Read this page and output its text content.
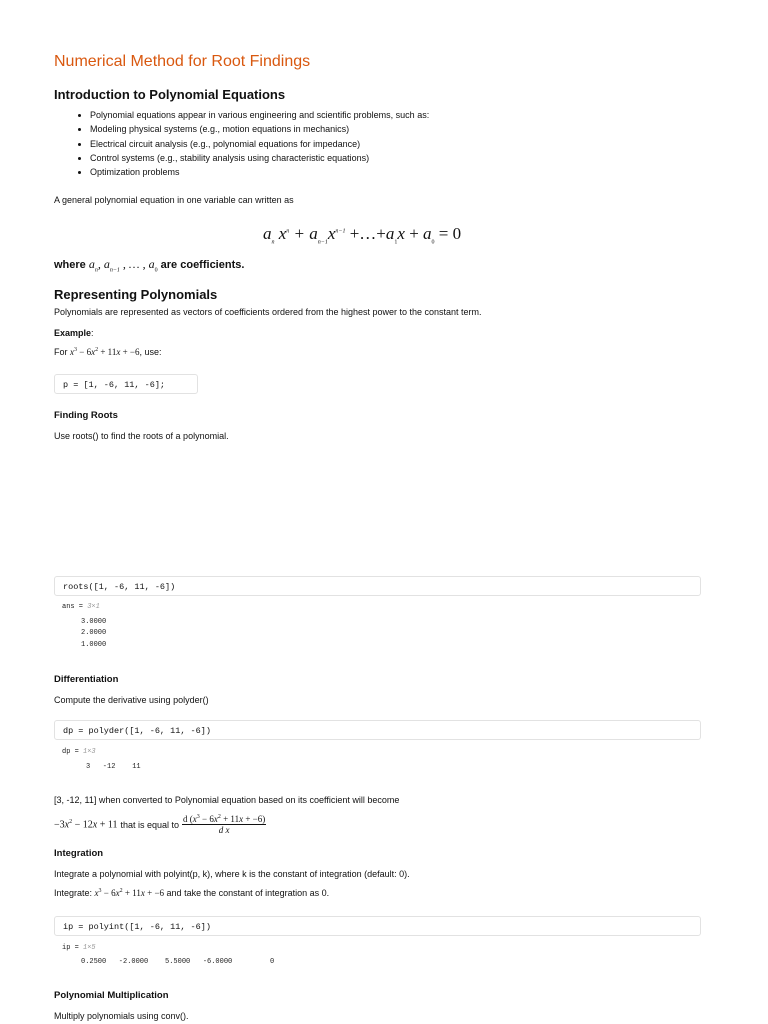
Numerical Method for Root Findings
Introduction to Polynomial Equations
• Polynomial equations appear in various engineering and scientific problems, such as:
• Modeling physical systems (e.g., motion equations in mechanics)
• Electrical circuit analysis (e.g., polynomial equations for impedance)
• Control systems (e.g., stability analysis using characteristic equations)
• Optimization problems
A general polynomial equation in one variable can written as
$a_n$ $x^n + a_{n-1}x^{n-1}$ $+\dots+a_1x + a_0 = 0$
where $a_n$, $a_{n-1}$ , … , $a_0$ are coefficients.
Representing Polynomials
Polynomials are represented as vectors of coefficients ordered from the highest power to the constant term.
Example:
For $x^3 - 6x^2 + 11x + -6$, use:
p = [1, -6, 11, -6];
Finding Roots
Use roots() to find the roots of a polynomial.
roots([1, -6, 11, -6])
ans = 3×1
3.0000
2.0000
1.0000
Differentiation
Compute the derivative using polyder()
dp = polyder([1, -6, 11, -6])
dp = 1×3
3   -12    11
[3, -12, 11] when converted to Polynomial equation based on its coefficient will become
$-3x^2 - 12x + 11$ that is equal to $\frac{d (x^3 - 6x^2 + 11x + -6)}{\text{d x}}$
Integration
Integrate a polynomial with polyint(p, k), where k is the constant of integration (default: 0).
Integrate: $x^3 - 6x^2 + 11x + -6$ and take the constant of integration as 0.
ip = polyint([1, -6, 11, -6])
ip = 1×5
0.2500   -2.0000    5.5000   -6.0000         0
Polynomial Multiplication
Multiply polynomials using conv().
